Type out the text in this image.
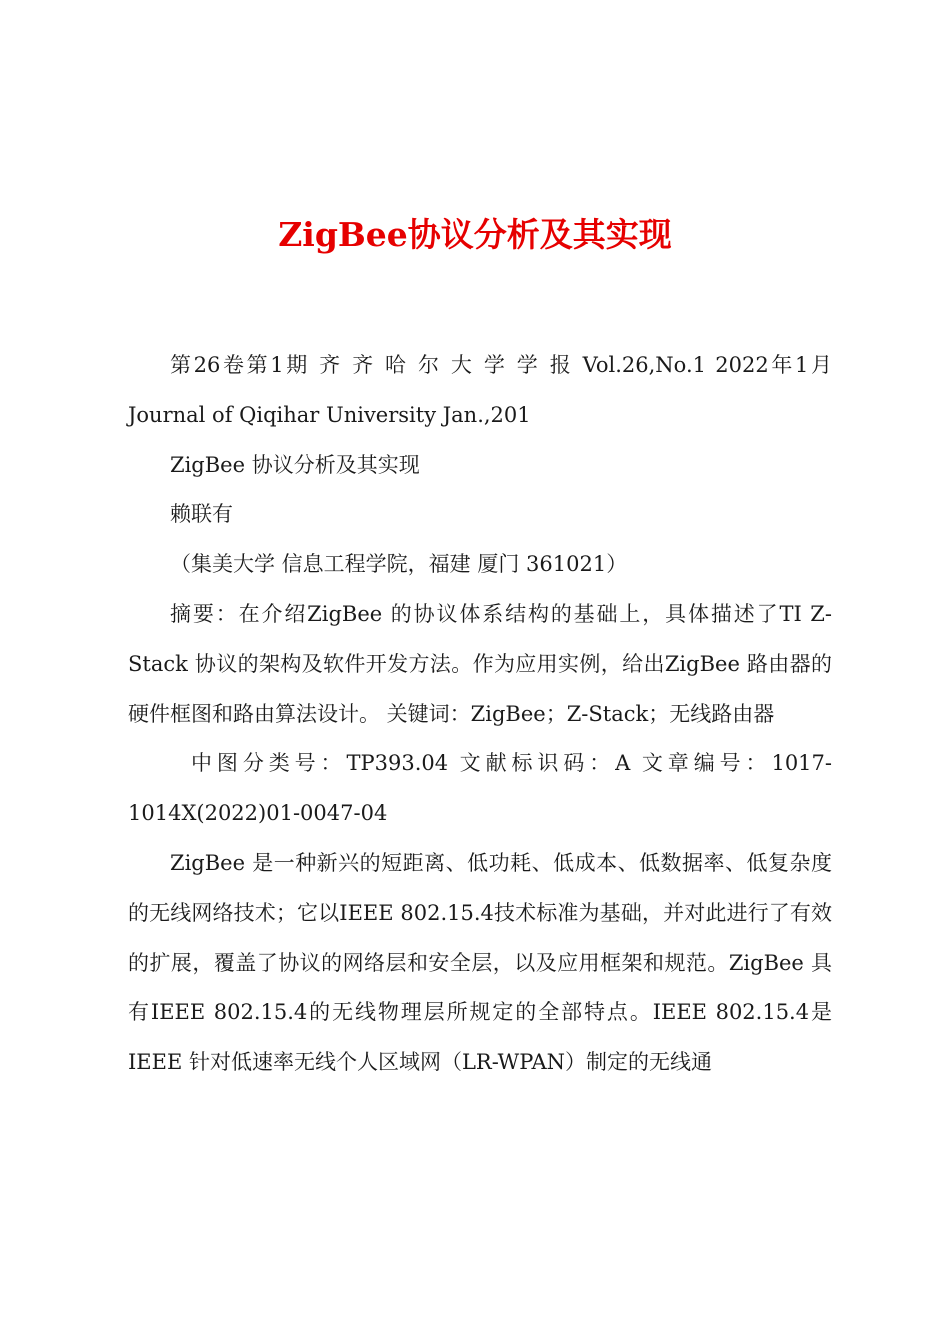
ZigBee协议分析及其实现

第26卷第1期 齐 齐 哈 尔 大 学 学 报 Vol.26,No.1 2022年1月 Journal of Qiqihar University Jan.,201

ZigBee 协议分析及其实现

赖联有

（集美大学 信息工程学院，福建 厦门 361021）

摘要：在介绍ZigBee 的协议体系结构的基础上，具体描述了TI Z-Stack 协议的架构及软件开发方法。作为应用实例，给出ZigBee 路由器的硬件框图和路由算法设计。 关键词：ZigBee；Z-Stack；无线路由器

中图分类号：TP393.04 文献标识码：A 文章编号：1017-1014X(2022)01-0047-04

ZigBee 是一种新兴的短距离、低功耗、低成本、低数据率、低复杂度的无线网络技术；它以IEEE 802.15.4技术标准为基础，并对此进行了有效的扩展，覆盖了协议的网络层和安全层，以及应用框架和规范。ZigBee 具有IEEE 802.15.4的无线物理层所规定的全部特点。IEEE 802.15.4是IEEE 针对低速率无线个人区域网（LR-WPAN）制定的无线通
